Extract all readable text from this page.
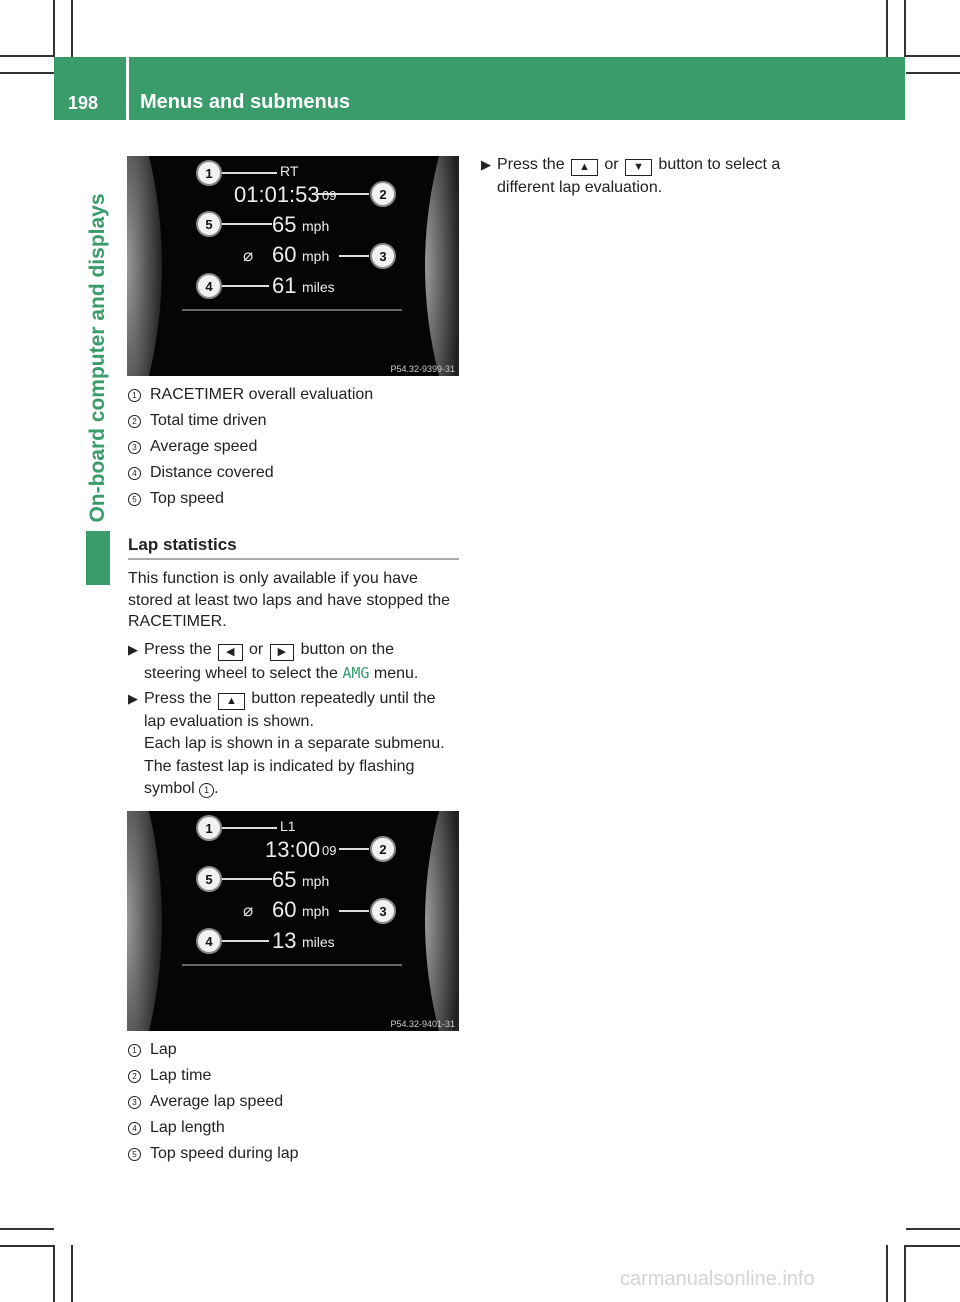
198 Menus and submenus
On-board computer and displays
1
2
3
4
5
RT
01:01:53 09
65 mph
⌀ 60 mph
61 miles
P54.32-9399-31
1 RACETIMER overall evaluation
2 Total time driven
3 Average speed
4 Distance covered
5 Top speed
Lap statistics
This function is only available if you have
stored at least two laps and have stopped the
RACETIMER.
▶ Press the ◀ or ▶ button on the
steering wheel to select the AMG menu.
▶ Press the ▲ button repeatedly until the
lap evaluation is shown.
Each lap is shown in a separate submenu.
The fastest lap is indicated by flashing
symbol 1 .
1
2
3
4
5
L1
13:00 09
65 mph
⌀ 60 mph
13 miles
P54.32-9401-31
1 Lap
2 Lap time
3 Average lap speed
4 Lap length
5 Top speed during lap
▶ Press the ▲ or ▼ button to select a
different lap evaluation.
carmanualsonline.info
